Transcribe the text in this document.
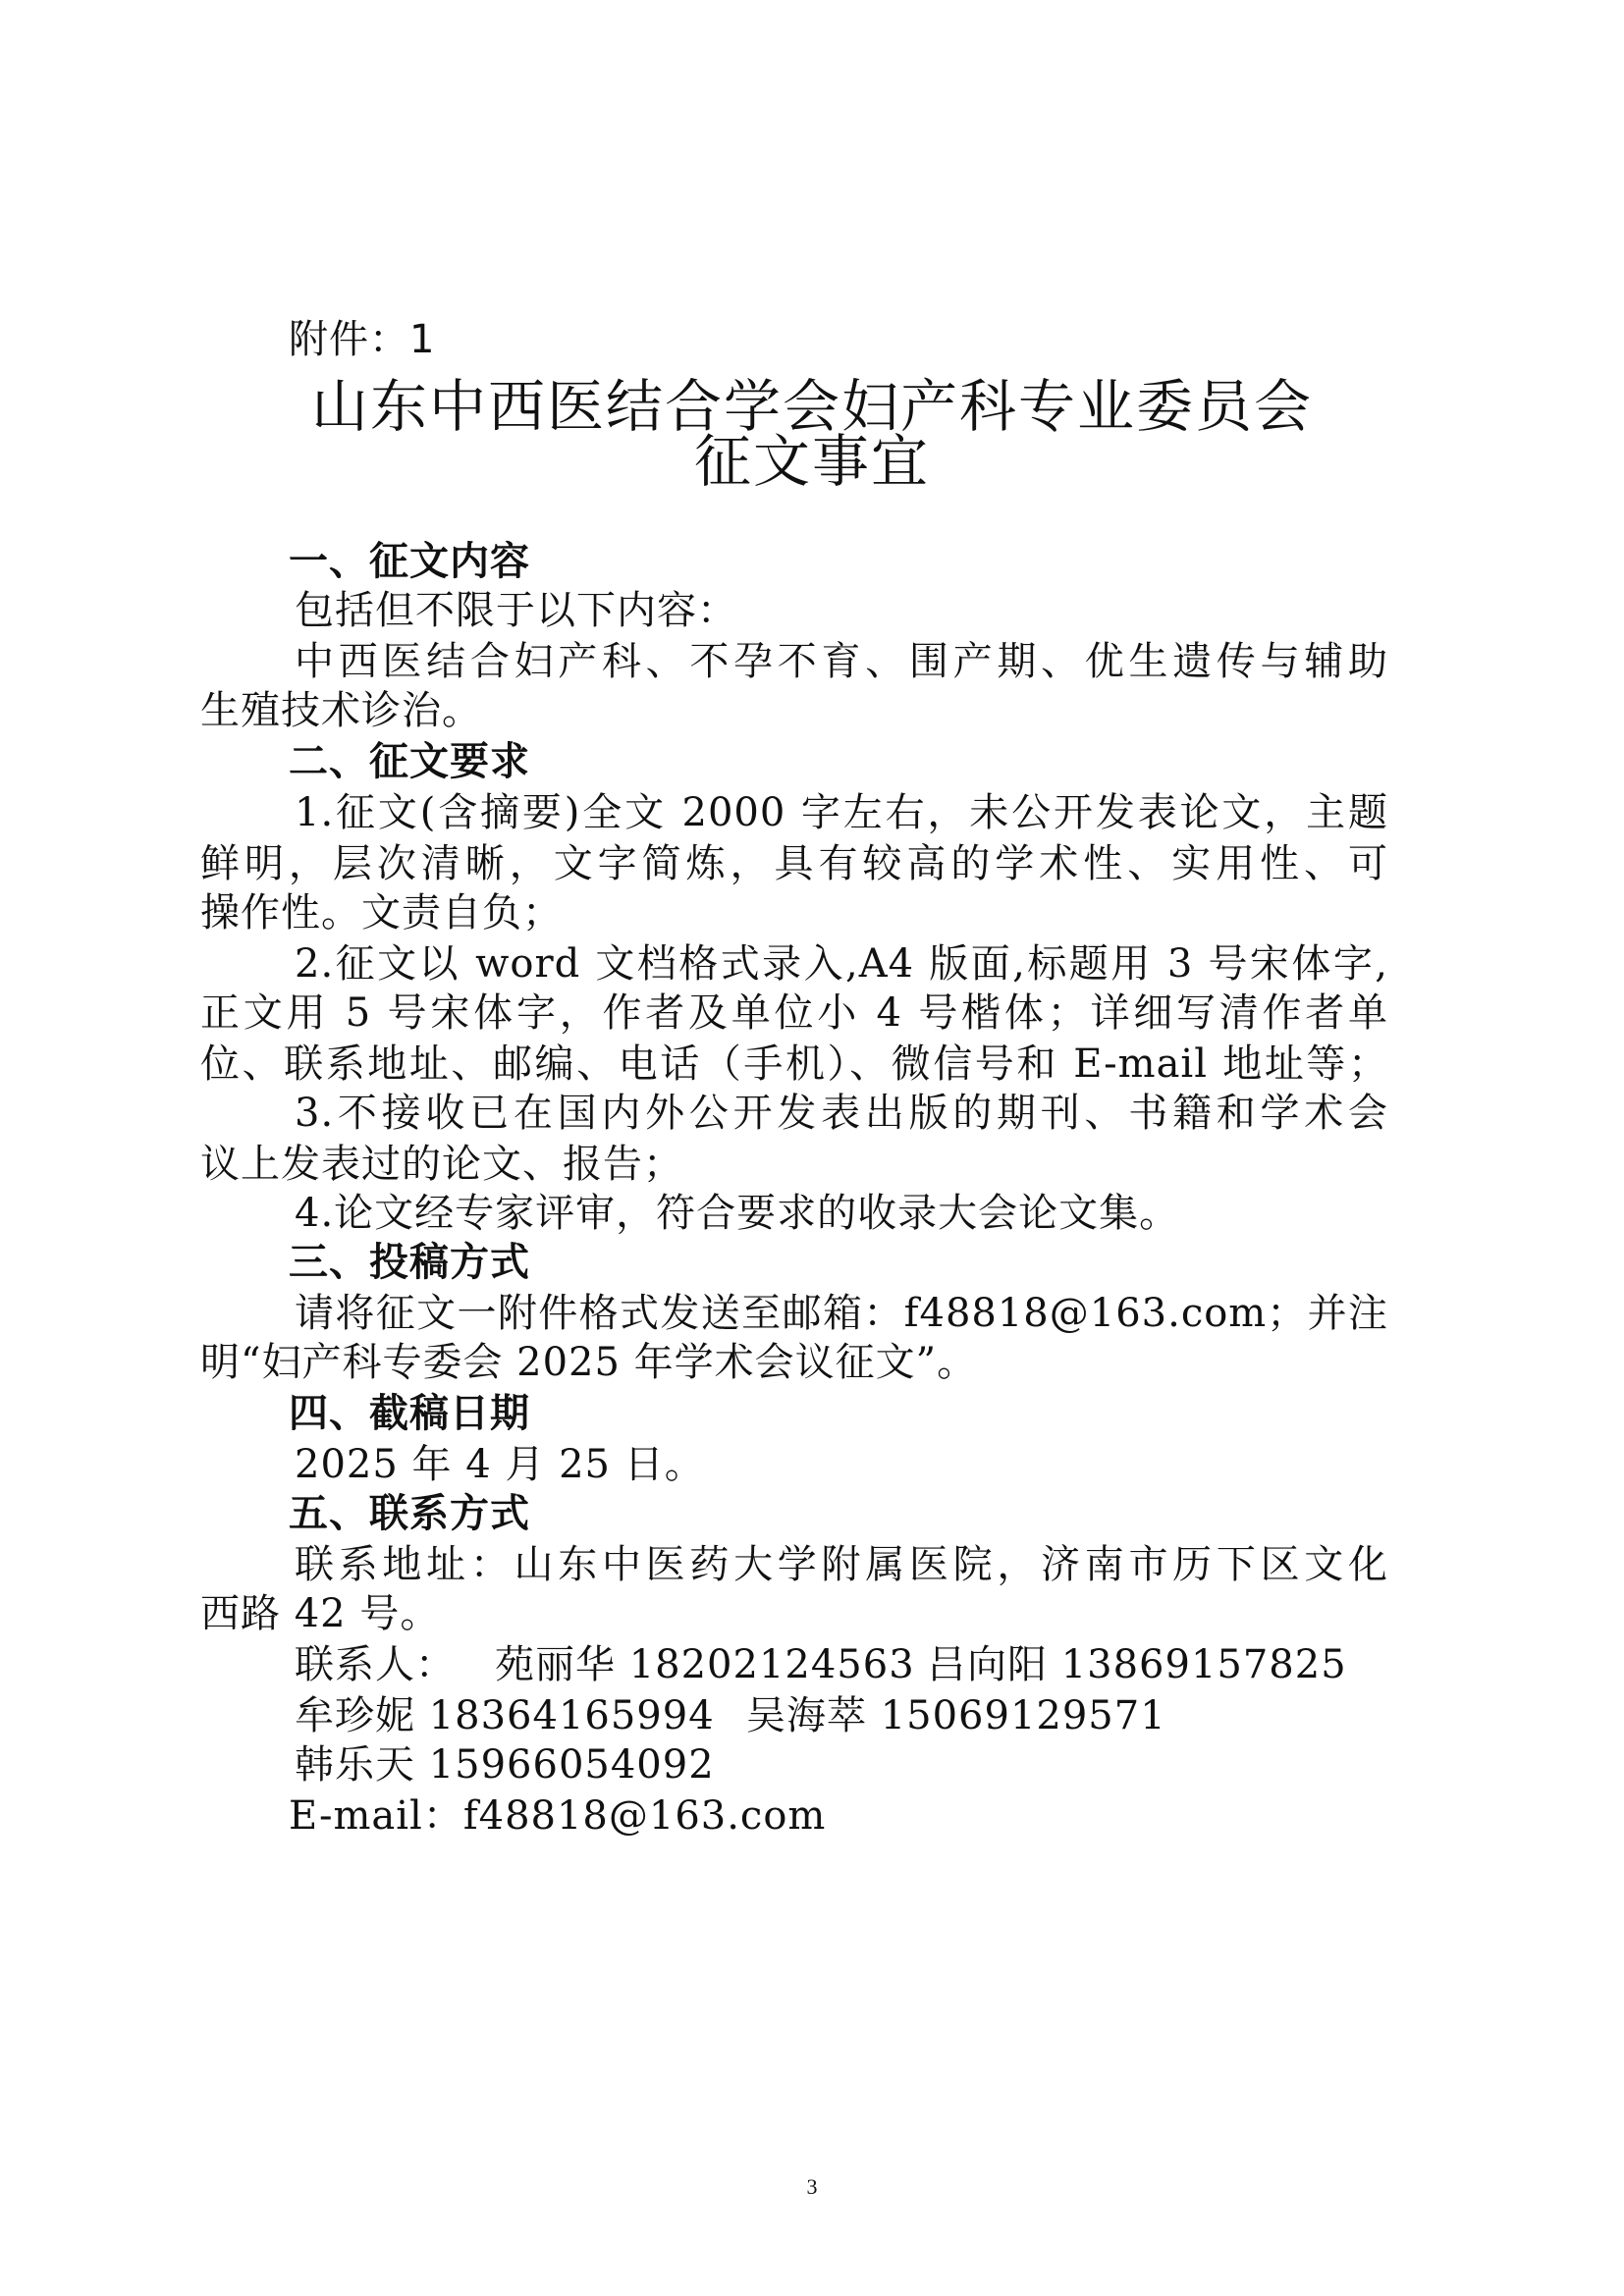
附件：1
山东中西医结合学会妇产科专业委员会
征文事宜
一、征文内容
包括但不限于以下内容：
中西医结合妇产科、不孕不育、围产期、优生遗传与辅助
生殖技术诊治。
二、征文要求
1.征文(含摘要)全文 2000 字左右，未公开发表论文，主题
鲜明，层次清晰，文字简炼，具有较高的学术性、实用性、可
操作性。文责自负；
2.征文以 word 文档格式录入,A4 版面,标题用 3 号宋体字,
正文用 5 号宋体字，作者及单位小 4 号楷体；详细写清作者单
位、联系地址、邮编、电话（手机）、微信号和 E-mail 地址等；
3.不接收已在国内外公开发表出版的期刊、书籍和学术会
议上发表过的论文、报告；
4.论文经专家评审，符合要求的收录大会论文集。
三、投稿方式
请将征文一附件格式发送至邮箱：f48818@163.com；并注
明“妇产科专委会 2025 年学术会议征文”。
四、截稿日期
2025 年 4 月 25 日。
五、联系方式
联系地址：山东中医药大学附属医院，济南市历下区文化
西路 42 号。
联系人： 苑丽华 18202124563 吕向阳 13869157825
牟珍妮 18364165994 吴海萃 15069129571
韩乐天 15966054092
E-mail：f48818@163.com
3
